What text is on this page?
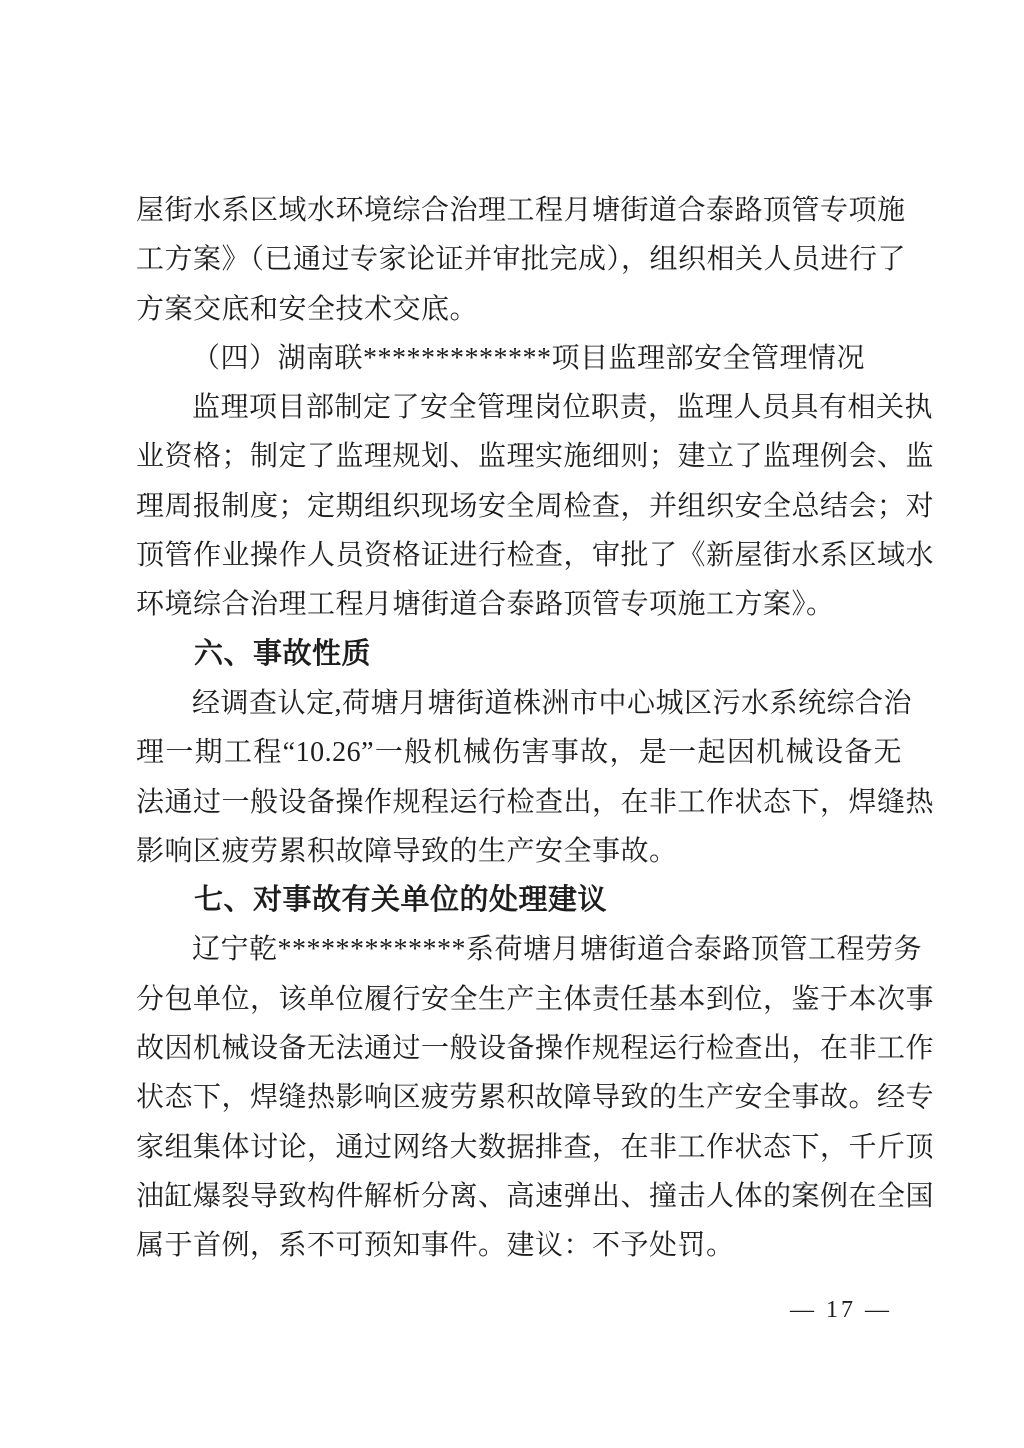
屋街水系区域水环境综合治理工程月塘街道合泰路顶管专项施
工方案》（已通过专家论证并审批完成），组织相关人员进行了
方案交底和安全技术交底。
（四）湖南联*************项目监理部安全管理情况
监理项目部制定了安全管理岗位职责，监理人员具有相关执
业资格；制定了监理规划、监理实施细则；建立了监理例会、监
理周报制度；定期组织现场安全周检查，并组织安全总结会；对
顶管作业操作人员资格证进行检查，审批了《新屋街水系区域水
环境综合治理工程月塘街道合泰路顶管专项施工方案》。
六、事故性质
经调查认定,荷塘月塘街道株洲市中心城区污水系统综合治
理一期工程“10.26”一般机械伤害事故，是一起因机械设备无
法通过一般设备操作规程运行检查出，在非工作状态下，焊缝热
影响区疲劳累积故障导致的生产安全事故。
七、对事故有关单位的处理建议
辽宁乾*************系荷塘月塘街道合泰路顶管工程劳务
分包单位，该单位履行安全生产主体责任基本到位，鉴于本次事
故因机械设备无法通过一般设备操作规程运行检查出，在非工作
状态下，焊缝热影响区疲劳累积故障导致的生产安全事故。经专
家组集体讨论，通过网络大数据排查，在非工作状态下，千斤顶
油缸爆裂导致构件解析分离、高速弹出、撞击人体的案例在全国
属于首例，系不可预知事件。建议：不予处罚。
— 17 —
